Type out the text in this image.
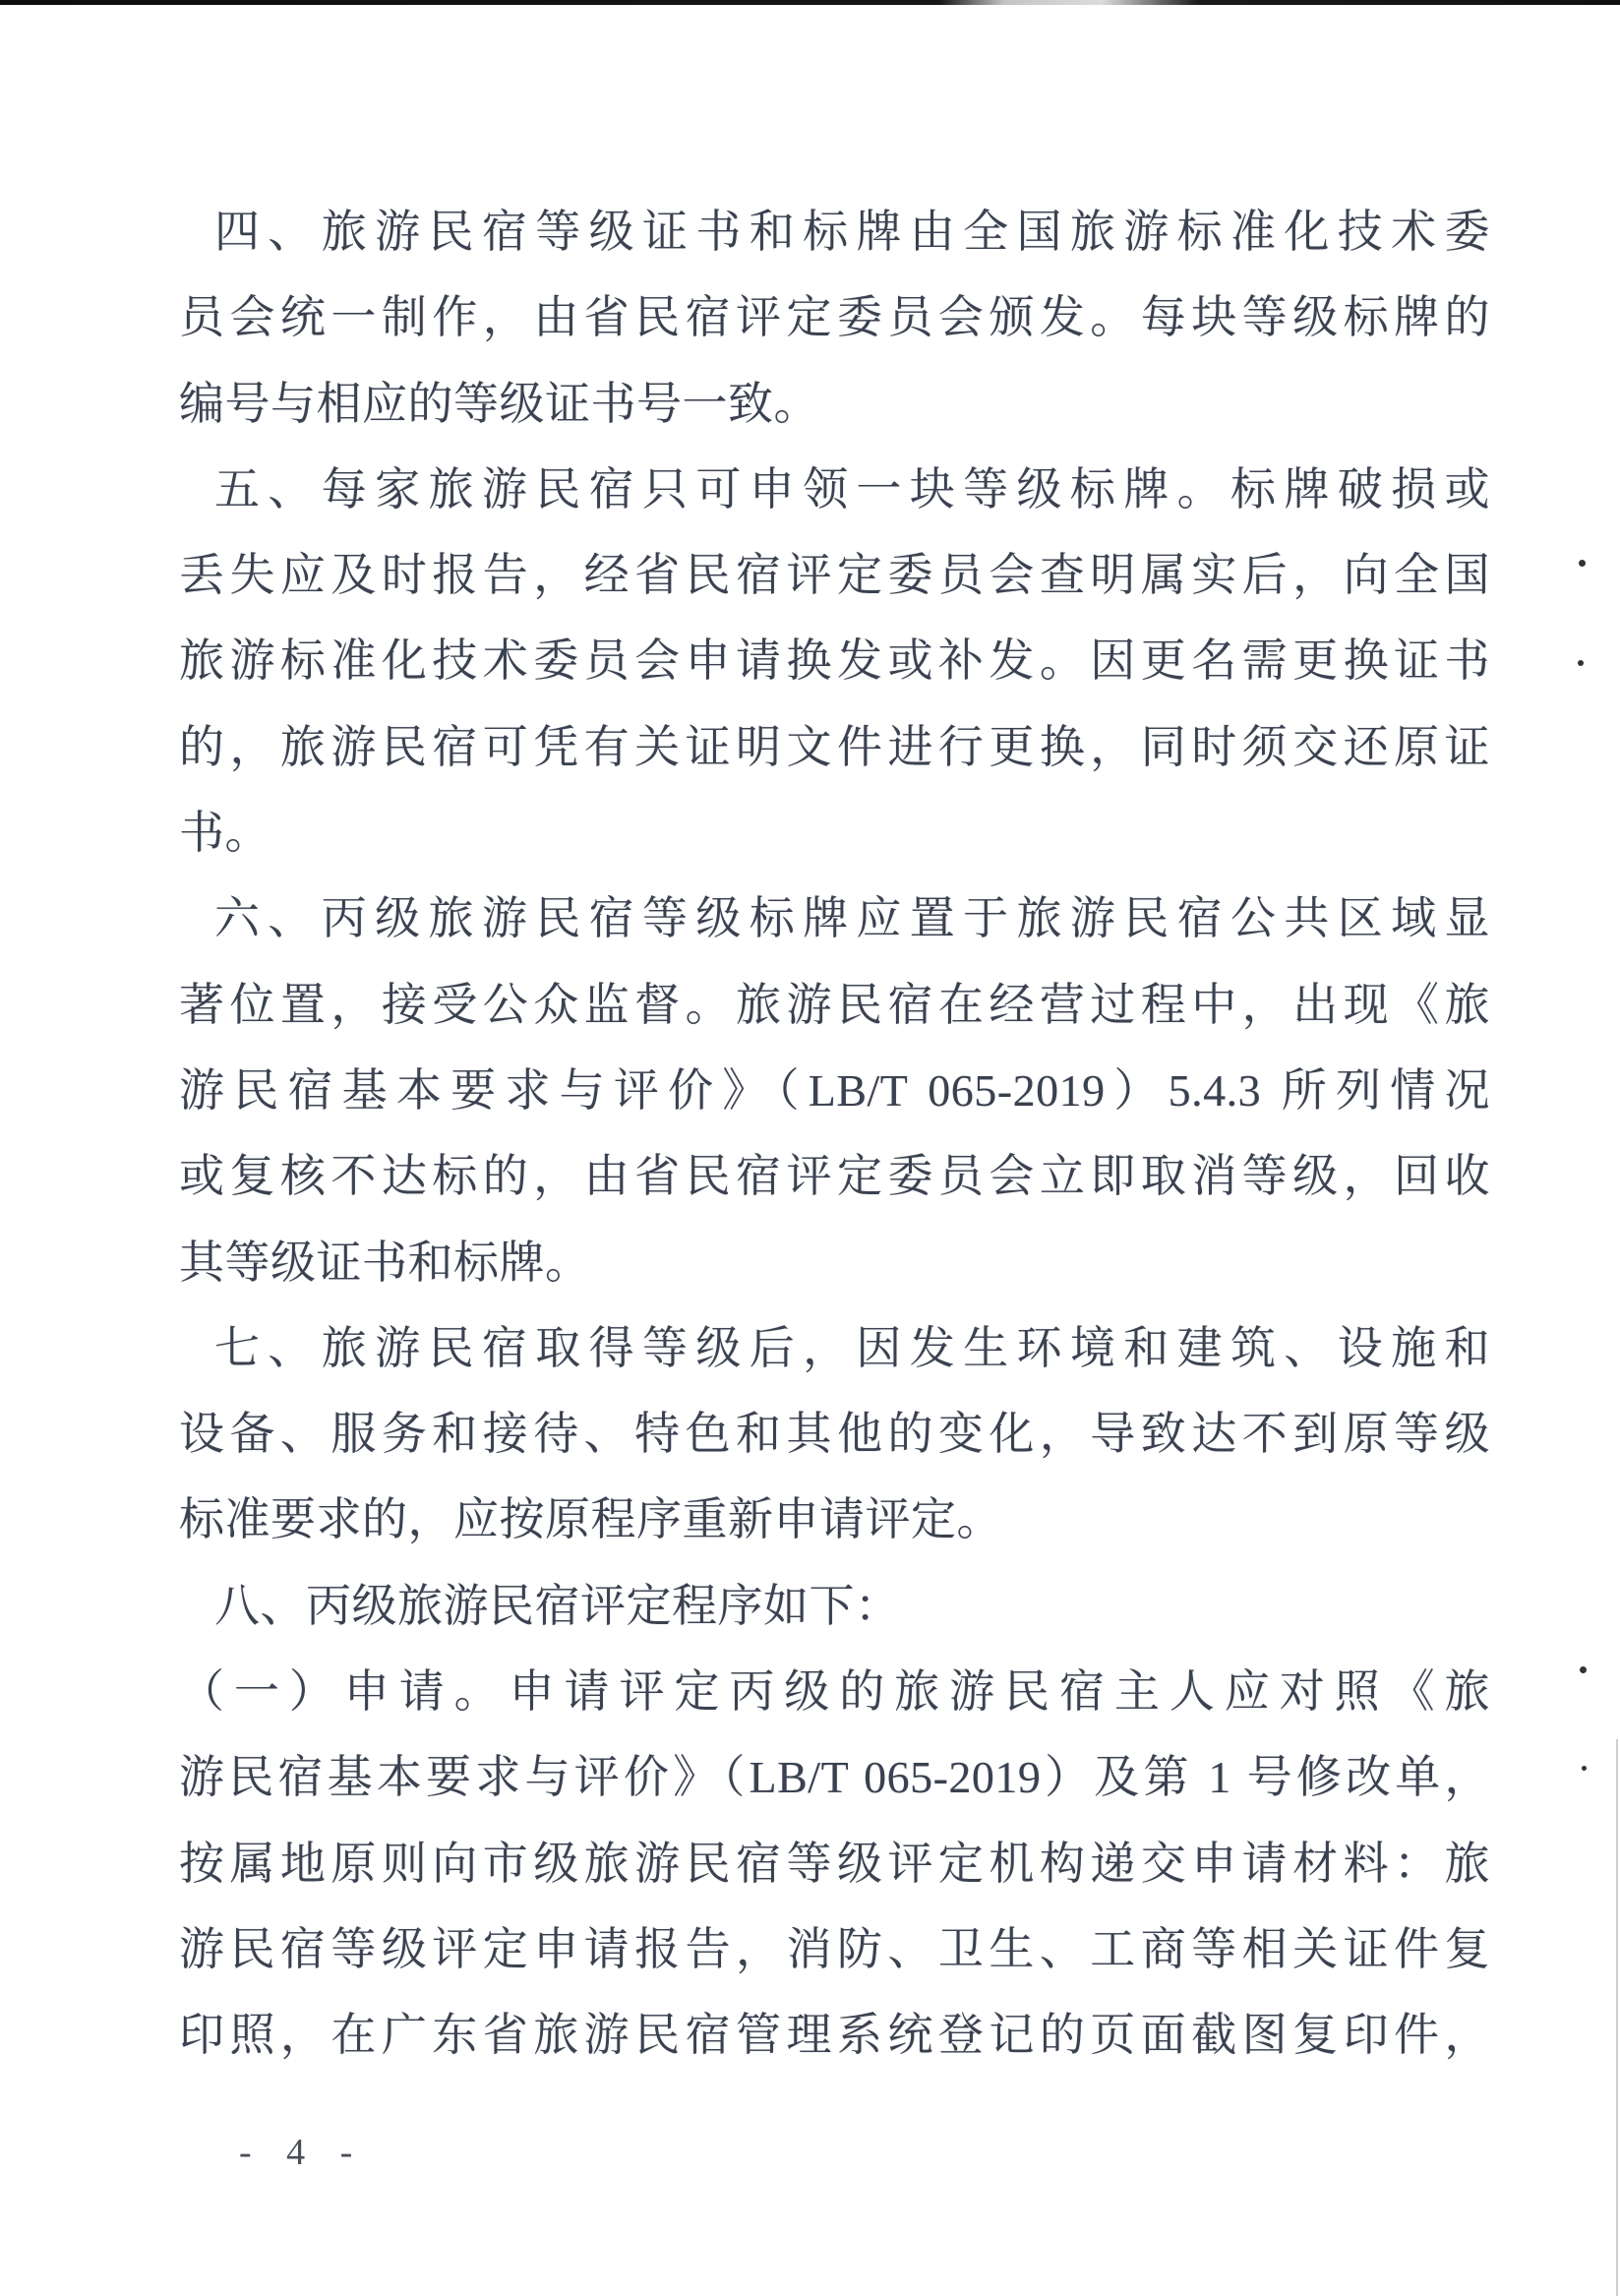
四、旅游民宿等级证书和标牌由全国旅游标准化技术委
员会统一制作，由省民宿评定委员会颁发。每块等级标牌的
编号与相应的等级证书号一致。
五、每家旅游民宿只可申领一块等级标牌。标牌破损或
丢失应及时报告，经省民宿评定委员会查明属实后，向全国
旅游标准化技术委员会申请换发或补发。因更名需更换证书
的，旅游民宿可凭有关证明文件进行更换，同时须交还原证
书。
六、丙级旅游民宿等级标牌应置于旅游民宿公共区域显
著位置，接受公众监督。旅游民宿在经营过程中，出现《旅
游民宿基本要求与评价》（LB/T 065-2019）5.4.3 所列情况
或复核不达标的，由省民宿评定委员会立即取消等级，回收
其等级证书和标牌。
七、旅游民宿取得等级后，因发生环境和建筑、设施和
设备、服务和接待、特色和其他的变化，导致达不到原等级
标准要求的，应按原程序重新申请评定。
八、丙级旅游民宿评定程序如下：
（一）申请。申请评定丙级的旅游民宿主人应对照《旅
游民宿基本要求与评价》（LB/T 065-2019）及第 1 号修改单，
按属地原则向市级旅游民宿等级评定机构递交申请材料：旅
游民宿等级评定申请报告，消防、卫生、工商等相关证件复
印照，在广东省旅游民宿管理系统登记的页面截图复印件，
- 4 -
